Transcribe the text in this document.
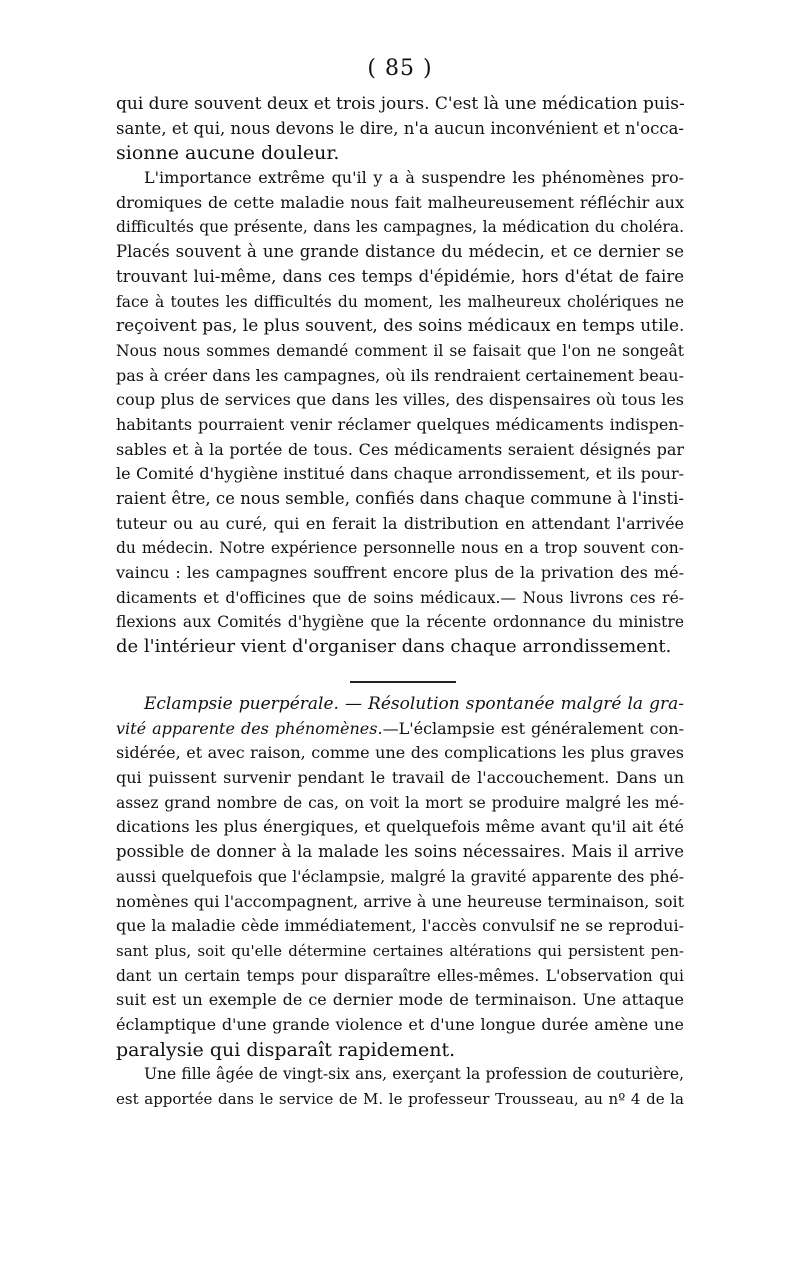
( 85 )
qui dure souvent deux et trois jours. C'est là une médication puis-
sante, et qui, nous devons le dire, n'a aucun inconvénient et n'occa-
sionne aucune douleur.
L'importance extrême qu'il y a à suspendre les phénomènes pro-
dromiques de cette maladie nous fait malheureusement réfléchir aux
difficultés que présente, dans les campagnes, la médication du choléra.
Placés souvent à une grande distance du médecin, et ce dernier se
trouvant lui-même, dans ces temps d'épidémie, hors d'état de faire
face à toutes les difficultés du moment, les malheureux cholériques ne
reçoivent pas, le plus souvent, des soins médicaux en temps utile.
Nous nous sommes demandé comment il se faisait que l'on ne songeât
pas à créer dans les campagnes, où ils rendraient certainement beau-
coup plus de services que dans les villes, des dispensaires où tous les
habitants pourraient venir réclamer quelques médicaments indispen-
sables et à la portée de tous. Ces médicaments seraient désignés par
le Comité d'hygiène institué dans chaque arrondissement, et ils pour-
raient être, ce nous semble, confiés dans chaque commune à l'insti-
tuteur ou au curé, qui en ferait la distribution en attendant l'arrivée
du médecin. Notre expérience personnelle nous en a trop souvent con-
vaincu : les campagnes souffrent encore plus de la privation des mé-
dicaments et d'officines que de soins médicaux.— Nous livrons ces ré-
flexions aux Comités d'hygiène que la récente ordonnance du ministre
de l'intérieur vient d'organiser dans chaque arrondissement.
Eclampsie puerpérale. — Résolution spontanée malgré la gra-
vité apparente des phénomènes.—L'éclampsie est généralement con-
sidérée, et avec raison, comme une des complications les plus graves
qui puissent survenir pendant le travail de l'accouchement. Dans un
assez grand nombre de cas, on voit la mort se produire malgré les mé-
dications les plus énergiques, et quelquefois même avant qu'il ait été
possible de donner à la malade les soins nécessaires. Mais il arrive
aussi quelquefois que l'éclampsie, malgré la gravité apparente des phé-
nomènes qui l'accompagnent, arrive à une heureuse terminaison, soit
que la maladie cède immédiatement, l'accès convulsif ne se reprodui-
sant plus, soit qu'elle détermine certaines altérations qui persistent pen-
dant un certain temps pour disparaître elles-mêmes. L'observation qui
suit est un exemple de ce dernier mode de terminaison. Une attaque
éclamptique d'une grande violence et d'une longue durée amène une
paralysie qui disparaît rapidement.
Une fille âgée de vingt-six ans, exerçant la profession de couturière,
est apportée dans le service de M. le professeur Trousseau, au nº 4 de la
